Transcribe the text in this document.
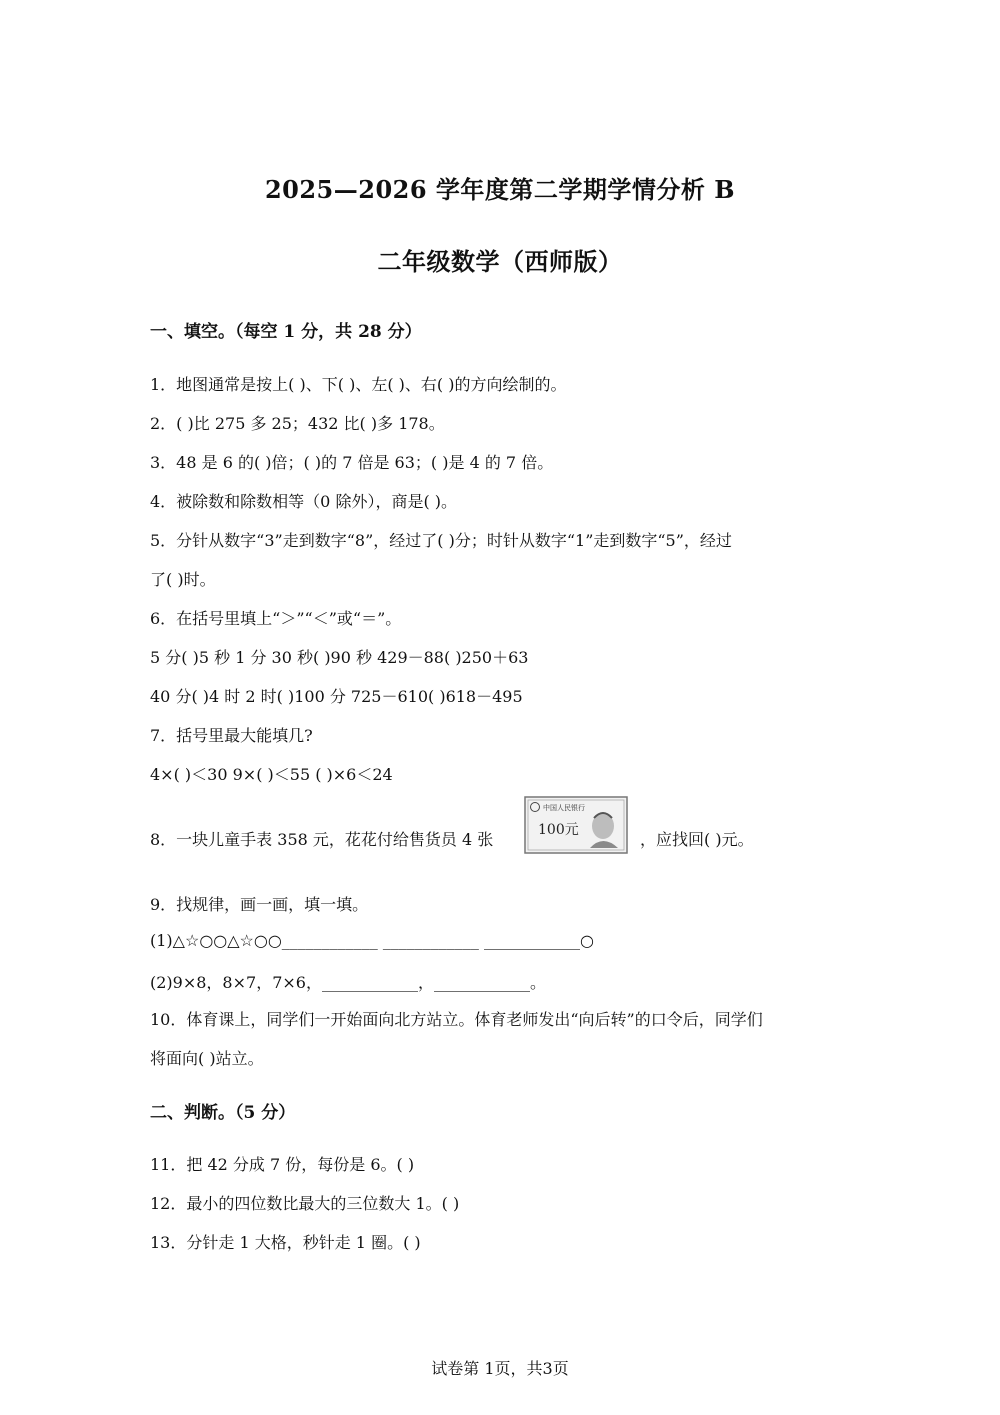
2025—2026 学年度第二学期学情分析 B
二年级数学（西师版）
一、填空。（每空 1 分，共 28 分）
1．地图通常是按上( )、下( )、左( )、右( )的方向绘制的。
2．( )比 275 多 25；432 比( )多 178。
3．48 是 6 的( )倍；( )的 7 倍是 63；( )是 4 的 7 倍。
4．被除数和除数相等（0 除外），商是( )。
5．分针从数字“3”走到数字“8”，经过了( )分；时针从数字“1”走到数字“5”，经过
了( )时。
6．在括号里填上“＞”“＜”或“＝”。
5 分( )5 秒 1 分 30 秒( )90 秒 429－88( )250＋63
40 分( )4 时 2 时( )100 分 725－610( )618－495
7．括号里最大能填几?
4×( )＜30 9×( )＜55 ( )×6＜24
8．一块儿童手表 358 元，花花付给售货员 4 张
中国人民银行
100元	，应找回( )元。
9．找规律，画一画，填一填。
(1)△☆○○△☆○○____________ ____________ ____________○
(2)9×8，8×7，7×6，____________，____________。
10．体育课上，同学们一开始面向北方站立。体育老师发出“向后转”的口令后，同学们
将面向( )站立。
二、判断。（5 分）
11．把 42 分成 7 份，每份是 6。( )
12．最小的四位数比最大的三位数大 1。( )
13．分针走 1 大格，秒针走 1 圈。( )
试卷第 1页，共3页
